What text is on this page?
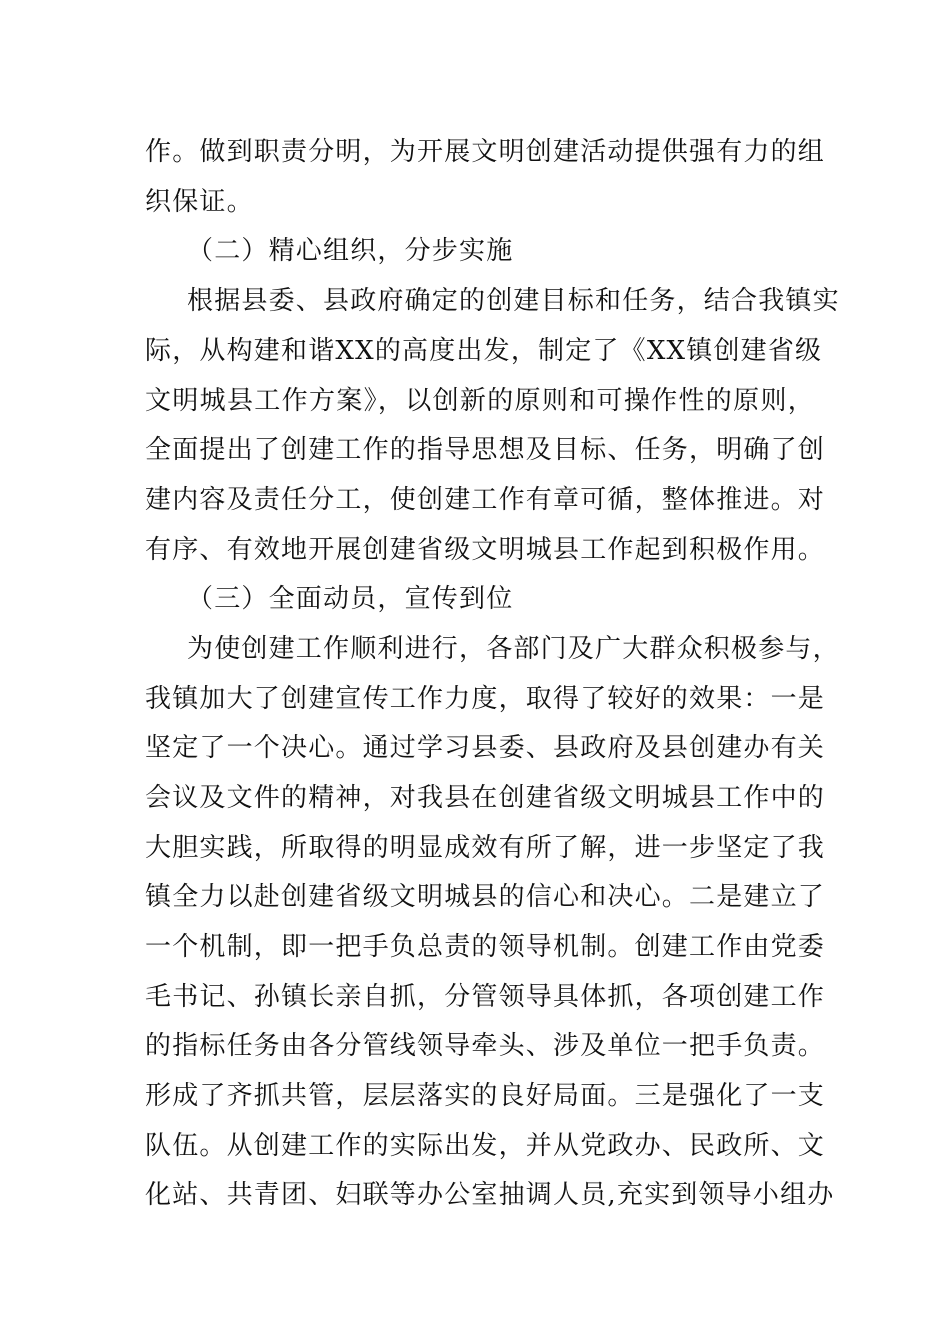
作。做到职责分明，为开展文明创建活动提供强有力的组
织保证。
（二）精心组织，分步实施
根据县委、县政府确定的创建目标和任务，结合我镇实
际，从构建和谐XX的高度出发，制定了《XX镇创建省级
文明城县工作方案》，以创新的原则和可操作性的原则，
全面提出了创建工作的指导思想及目标、任务，明确了创
建内容及责任分工，使创建工作有章可循，整体推进。对
有序、有效地开展创建省级文明城县工作起到积极作用。
（三）全面动员，宣传到位
为使创建工作顺利进行，各部门及广大群众积极参与，
我镇加大了创建宣传工作力度，取得了较好的效果：一是
坚定了一个决心。通过学习县委、县政府及县创建办有关
会议及文件的精神，对我县在创建省级文明城县工作中的
大胆实践，所取得的明显成效有所了解，进一步坚定了我
镇全力以赴创建省级文明城县的信心和决心。二是建立了
一个机制，即一把手负总责的领导机制。创建工作由党委
毛书记、孙镇长亲自抓，分管领导具体抓，各项创建工作
的指标任务由各分管线领导牵头、涉及单位一把手负责。
形成了齐抓共管，层层落实的良好局面。三是强化了一支
队伍。从创建工作的实际出发，并从党政办、民政所、文
化站、共青团、妇联等办公室抽调人员,充实到领导小组办
